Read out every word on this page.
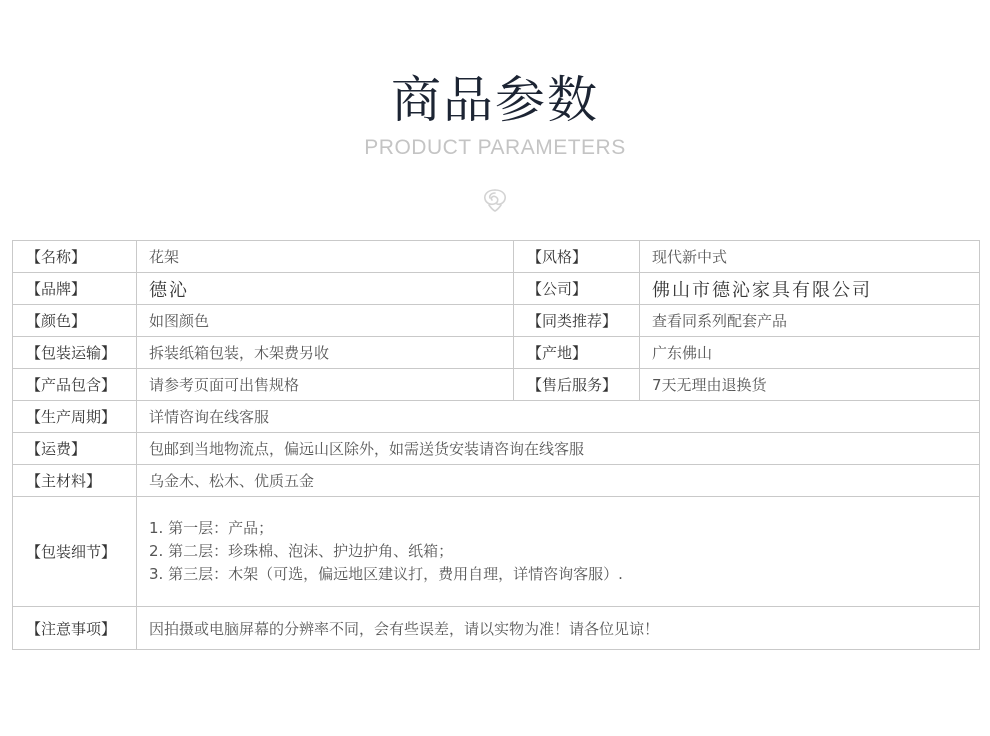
商品参数
PRODUCT PARAMETERS
【名称】	花架	【风格】	现代新中式
【品牌】	德沁	【公司】	佛山市德沁家具有限公司
【颜色】	如图颜色	【同类推荐】	查看同系列配套产品
【包装运输】	拆装纸箱包装，木架费另收	【产地】	广东佛山
【产品包含】	请参考页面可出售规格	【售后服务】	7天无理由退换货
【生产周期】	详情咨询在线客服		
【运费】	包邮到当地物流点，偏远山区除外，如需送货安装请咨询在线客服		
【主材料】	乌金木、松木、优质五金		
【包装细节】	1. 第一层：产品；
2. 第二层：珍珠棉、泡沫、护边护角、纸箱；
3. 第三层：木架（可选，偏远地区建议打，费用自理，详情咨询客服）.		

【注意事项】	因拍摄或电脑屏幕的分辨率不同，会有些误差，请以实物为准！请各位见谅！		
